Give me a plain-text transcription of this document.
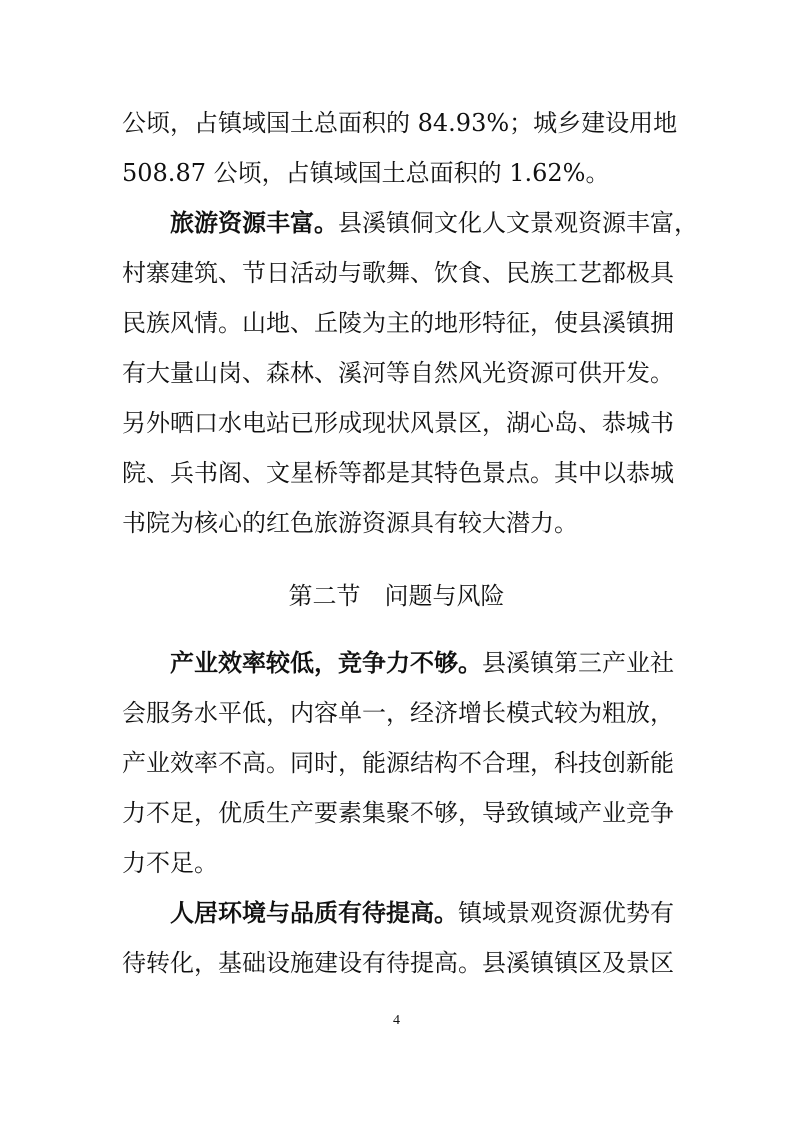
公顷，占镇域国土总面积的 84.93%；城乡建设用地

508.87 公顷，占镇域国土总面积的 1.62%。

旅游资源丰富。县溪镇侗文化人文景观资源丰富，

村寨建筑、节日活动与歌舞、饮食、民族工艺都极具

民族风情。山地、丘陵为主的地形特征，使县溪镇拥

有大量山岗、森林、溪河等自然风光资源可供开发。

另外晒口水电站已形成现状风景区，湖心岛、恭城书

院、兵书阁、文星桥等都是其特色景点。其中以恭城

书院为核心的红色旅游资源具有较大潜力。

第二节　问题与风险

产业效率较低，竞争力不够。县溪镇第三产业社

会服务水平低，内容单一，经济增长模式较为粗放，

产业效率不高。同时，能源结构不合理，科技创新能

力不足，优质生产要素集聚不够，导致镇域产业竞争

力不足。

人居环境与品质有待提高。镇域景观资源优势有

待转化，基础设施建设有待提高。县溪镇镇区及景区

4
